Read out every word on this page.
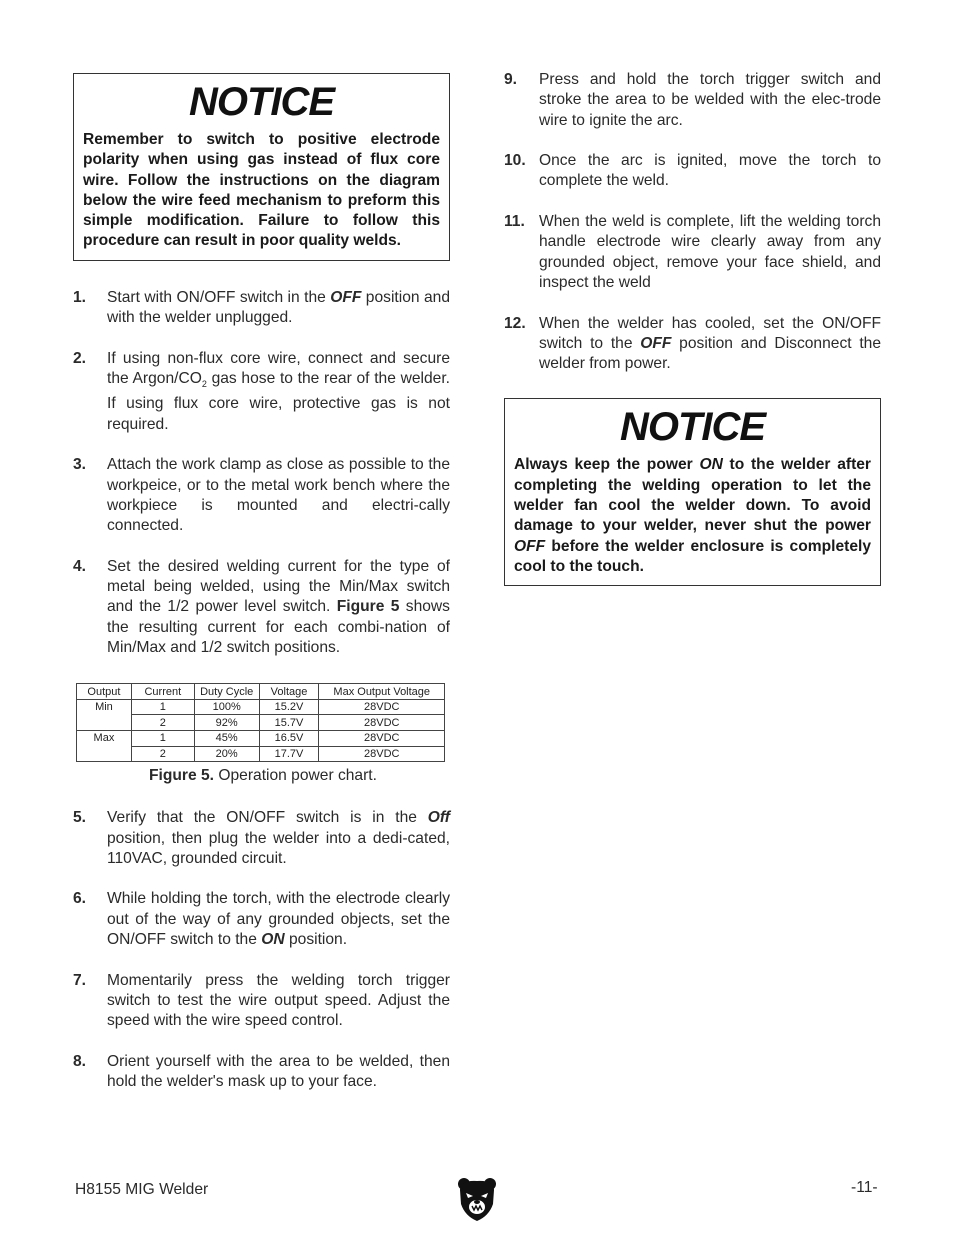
NOTICE
Remember to switch to positive electrode polarity when using gas instead of flux core wire. Follow the instructions on the diagram below the wire feed mechanism to preform this simple modification. Failure to follow this procedure can result in poor quality welds.
1. Start with ON/OFF switch in the OFF position and with the welder unplugged.
2. If using non-flux core wire, connect and secure the Argon/$CO_2$ gas hose to the rear of the welder. If using flux core wire, protective gas is not required.
3. Attach the work clamp as close as possible to the workpeice, or to the metal work bench where the workpiece is mounted and electri-cally connected.
4. Set the desired welding current for the type of metal being welded, using the Min/Max switch and the 1/2 power level switch. Figure 5 shows the resulting current for each combi-nation of Min/Max and 1/2 switch positions.
Output	Current	Duty Cycle	Voltage	Max Output Voltage
Min	1	100%	15.2V	28VDC
	2	92%	15.7V	28VDC
Max	1	45%	16.5V	28VDC
	2	20%	17.7V	28VDC
Figure 5. Operation power chart.
5. Verify that the ON/OFF switch is in the Off position, then plug the welder into a dedi-cated, 110VAC, grounded circuit.
6. While holding the torch, with the electrode clearly out of the way of any grounded objects, set the ON/OFF switch to the ON position.
7. Momentarily press the welding torch trigger switch to test the wire output speed. Adjust the speed with the wire speed control.
8. Orient yourself with the area to be welded, then hold the welder's mask up to your face.
9. Press and hold the torch trigger switch and stroke the area to be welded with the elec-trode wire to ignite the arc.
10. Once the arc is ignited, move the torch to complete the weld.
11. When the weld is complete, lift the welding torch handle electrode wire clearly away from any grounded object, remove your face shield, and inspect the weld
12. When the welder has cooled, set the ON/OFF switch to the OFF position and Disconnect the welder from power.
NOTICE
Always keep the power ON to the welder after completing the welding operation to let the welder fan cool the welder down. To avoid damage to your welder, never shut the power OFF before the welder enclosure is completely cool to the touch.
H8155 MIG Welder	-11-
